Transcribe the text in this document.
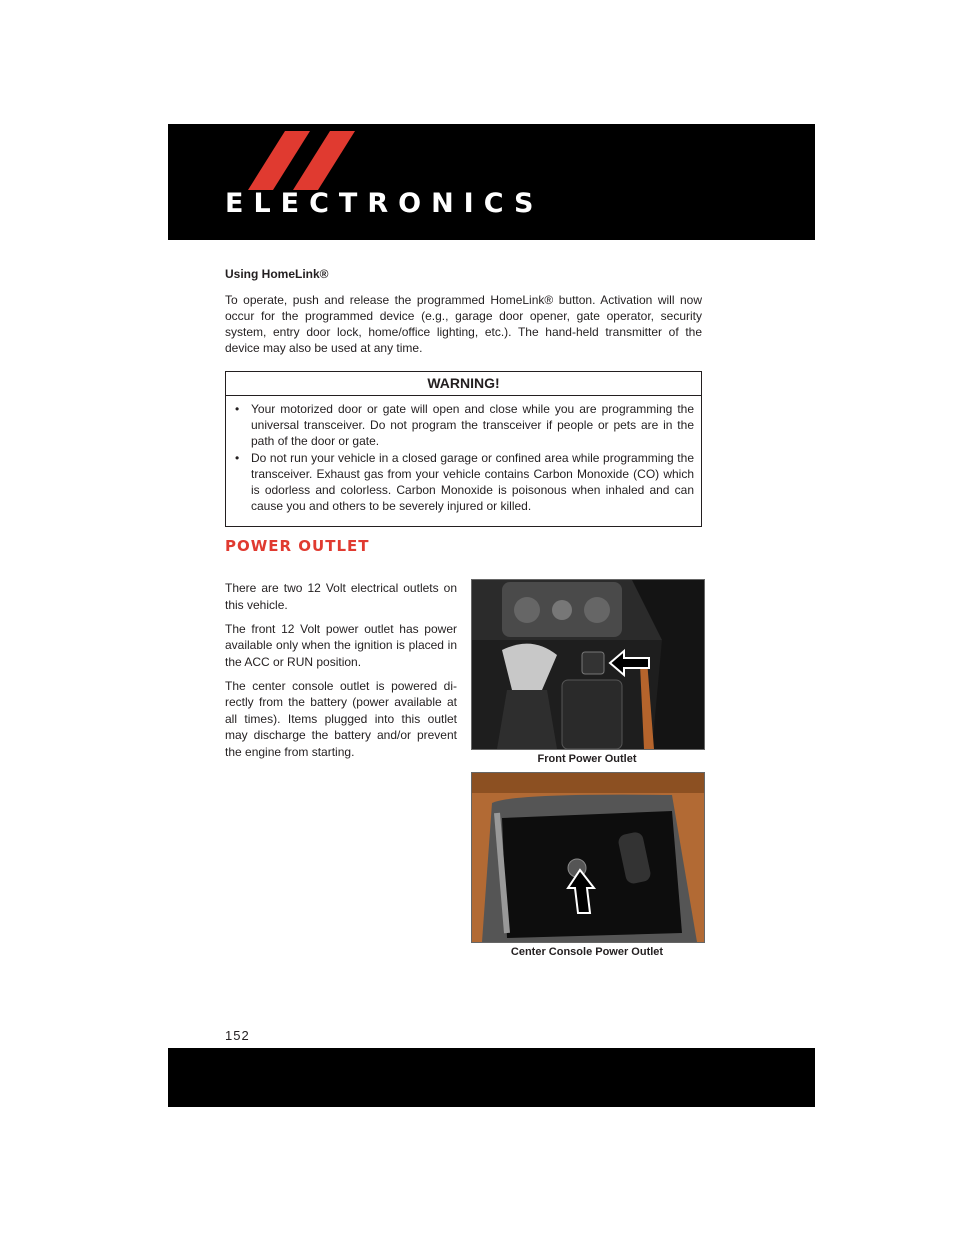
ELECTRONICS
Using HomeLink®

To operate, push and release the programmed HomeLink® button. Activation will now occur for the programmed device (e.g., garage door opener, gate operator, security system, entry door lock, home/office lighting, etc.). The hand-held transmitter of the device may also be used at any time.

WARNING!
• Your motorized door or gate will open and close while you are programming the universal transceiver. Do not program the transceiver if people or pets are in the path of the door or gate.
• Do not run your vehicle in a closed garage or confined area while programming the transceiver. Exhaust gas from your vehicle contains Carbon Monoxide (CO) which is odorless and colorless. Carbon Monoxide is poisonous when inhaled and can cause you and others to be severely injured or killed.
POWER OUTLET

There are two 12 Volt electrical outlets on this vehicle.

The front 12 Volt power outlet has power available only when the ignition is placed in the ACC or RUN position.

The center console outlet is powered di-rectly from the battery (power available at all times). Items plugged into this outlet may discharge the battery and/or prevent the engine from starting.

Front Power Outlet
Center Console Power Outlet
152
